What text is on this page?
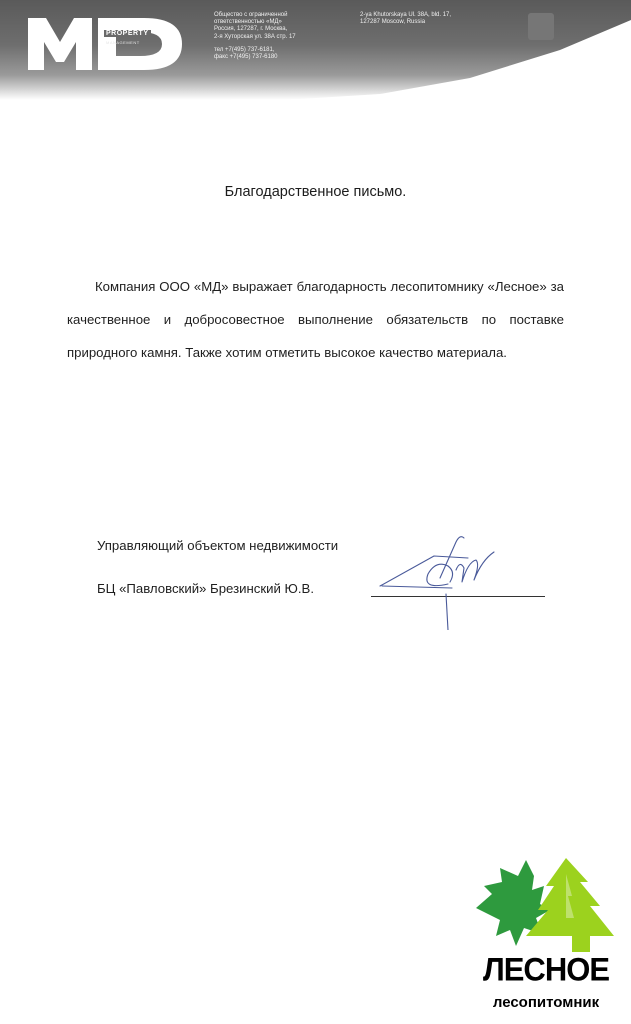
PROPERTY
MANAGEMENT
Общество с ограниченной
ответственностью «МД»
Россия, 127287, г. Москва,
2-я Хуторская ул. 38А стр. 17
тел +7(495) 737-6181,
факс +7(495) 737-6180
2-ya Khutorskaya Ul. 38A, bld. 17,
127287 Moscow, Russia
Благодарственное письмо.
Компания ООО «МД» выражает благодарность лесопитомнику «Лесное» за качественное и добросовестное выполнение обязательств по поставке природного камня. Также хотим отметить высокое качество материала.
Управляющий объектом недвижимости
БЦ «Павловский» Брезинский Ю.В.
ЛЕСНОЕ
лесопитомник
